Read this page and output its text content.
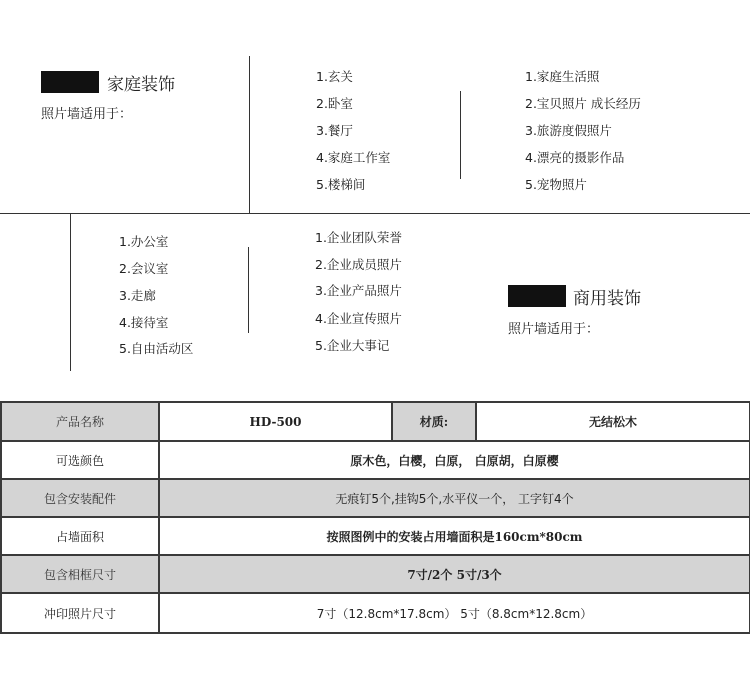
家庭装饰
照片墙适用于：
1.玄关
2.卧室
3.餐厅
4.家庭工作室
5.楼梯间
1.家庭生活照
2.宝贝照片 成长经历
3.旅游度假照片
4.漂亮的摄影作品
5.宠物照片
1.办公室
2.会议室
3.走廊
4.接待室
5.自由活动区
1.企业团队荣誉
2.企业成员照片
3.企业产品照片
4.企业宣传照片
5.企业大事记
商用装饰
照片墙适用于：
产品名称	HD-500	材质:	无结松木
可选颜色	原木色，白樱，白原， 白原胡，白原樱		
包含安装配件	无痕钉5个,挂钩5个,水平仪一个， 工字钉4个		
占墙面积	按照图例中的安装占用墙面积是160cm*80cm		
包含相框尺寸	7寸/2个 5寸/3个		
冲印照片尺寸	7寸（12.8cm*17.8cm） 5寸（8.8cm*12.8cm）		
